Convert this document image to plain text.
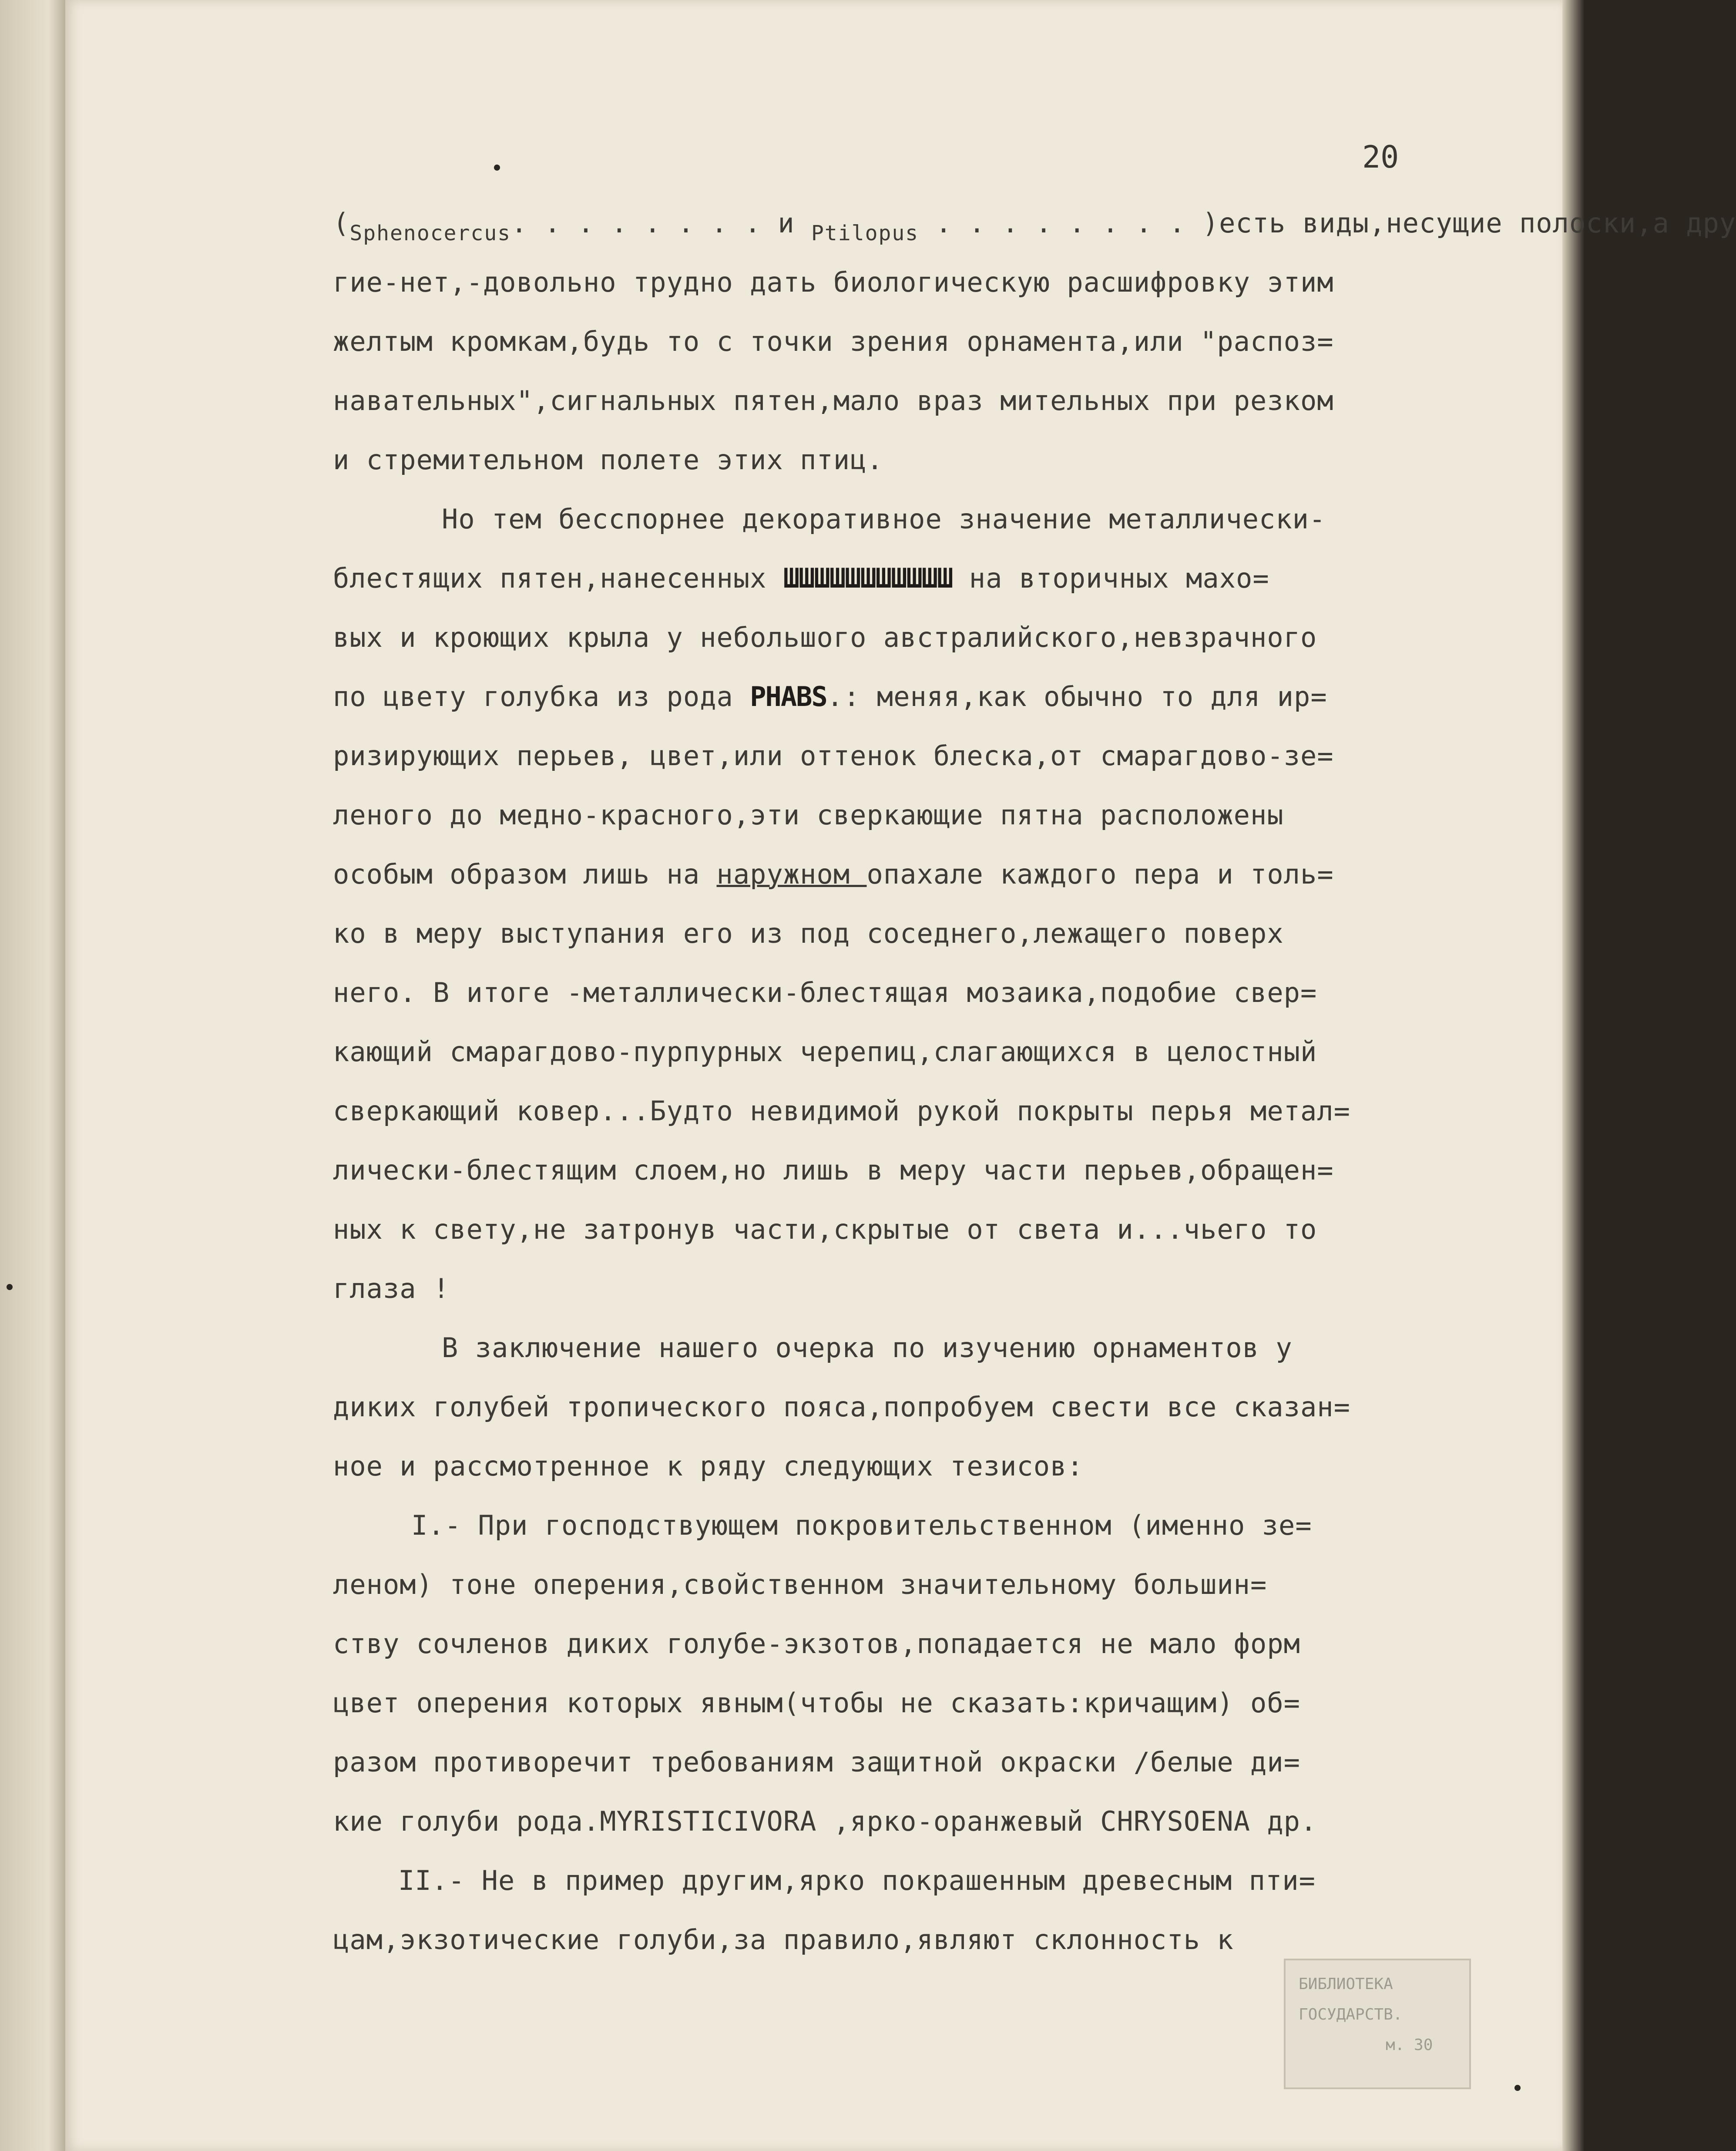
20
($_{Sphenocercus}$. . . . . . . . и $_{Ptilopus}$ . . . . . . . . )есть виды,несущие полоски,а дру
гие-нет,-довольно трудно дать биологическую расшифровку этим
желтым кромкам,будь то с точки зрения орнамента,или "распоз=
навательных",сигнальных пятен,мало враз мительных при резком
и стремительном полете этих птиц.
Но тем бесспорнее декоративное значение металлически-
блестящих пятен,нанесенных ШШШШШШШШШШШ на вторичных махо=
вых и кроющих крыла у небольшого австралийского,невзрачного
по цвету голубка из рода PHABS.: меняя,как обычно то для ир=
ризирующих перьев, цвет,или оттенок блеска,от смарагдово-зе=
леного до медно-красного,эти сверкающие пятна расположены
особым образом лишь на наружном опахале каждого пера и толь=
ко в меру выступания его из под соседнего,лежащего поверх
него. В итоге -металлически-блестящая мозаика,подобие свер=
кающий смарагдово-пурпурных черепиц,слагающихся в целостный
сверкающий ковер...Будто невидимой рукой покрыты перья метал=
лически-блестящим слоем,но лишь в меру части перьев,обращен=
ных к свету,не затронув части,скрытые от света и...чьего то
глаза !
В заключение нашего очерка по изучению орнаментов у
диких голубей тропического пояса,попробуем свести все сказан=
ное и рассмотренное к ряду следующих тезисов:
I.- При господствующем покровительственном (именно зе=
леном) тоне оперения,свойственном значительному большин=
ству сочленов диких голубе-экзотов,попадается не мало форм
цвет оперения которых явным(чтобы не сказать:кричащим) об=
разом противоречит требованиям защитной окраски /белые ди=
кие голуби рода.MYRISTICIVORA ,ярко-оранжевый CHRYSOENA др.
II.- Не в пример другим,ярко покрашенным древесным пти=
цам,экзотические голуби,за правило,являют склонность к
БИБЛИОТЕКА
ГОСУДАРСТВ.
м. 30
